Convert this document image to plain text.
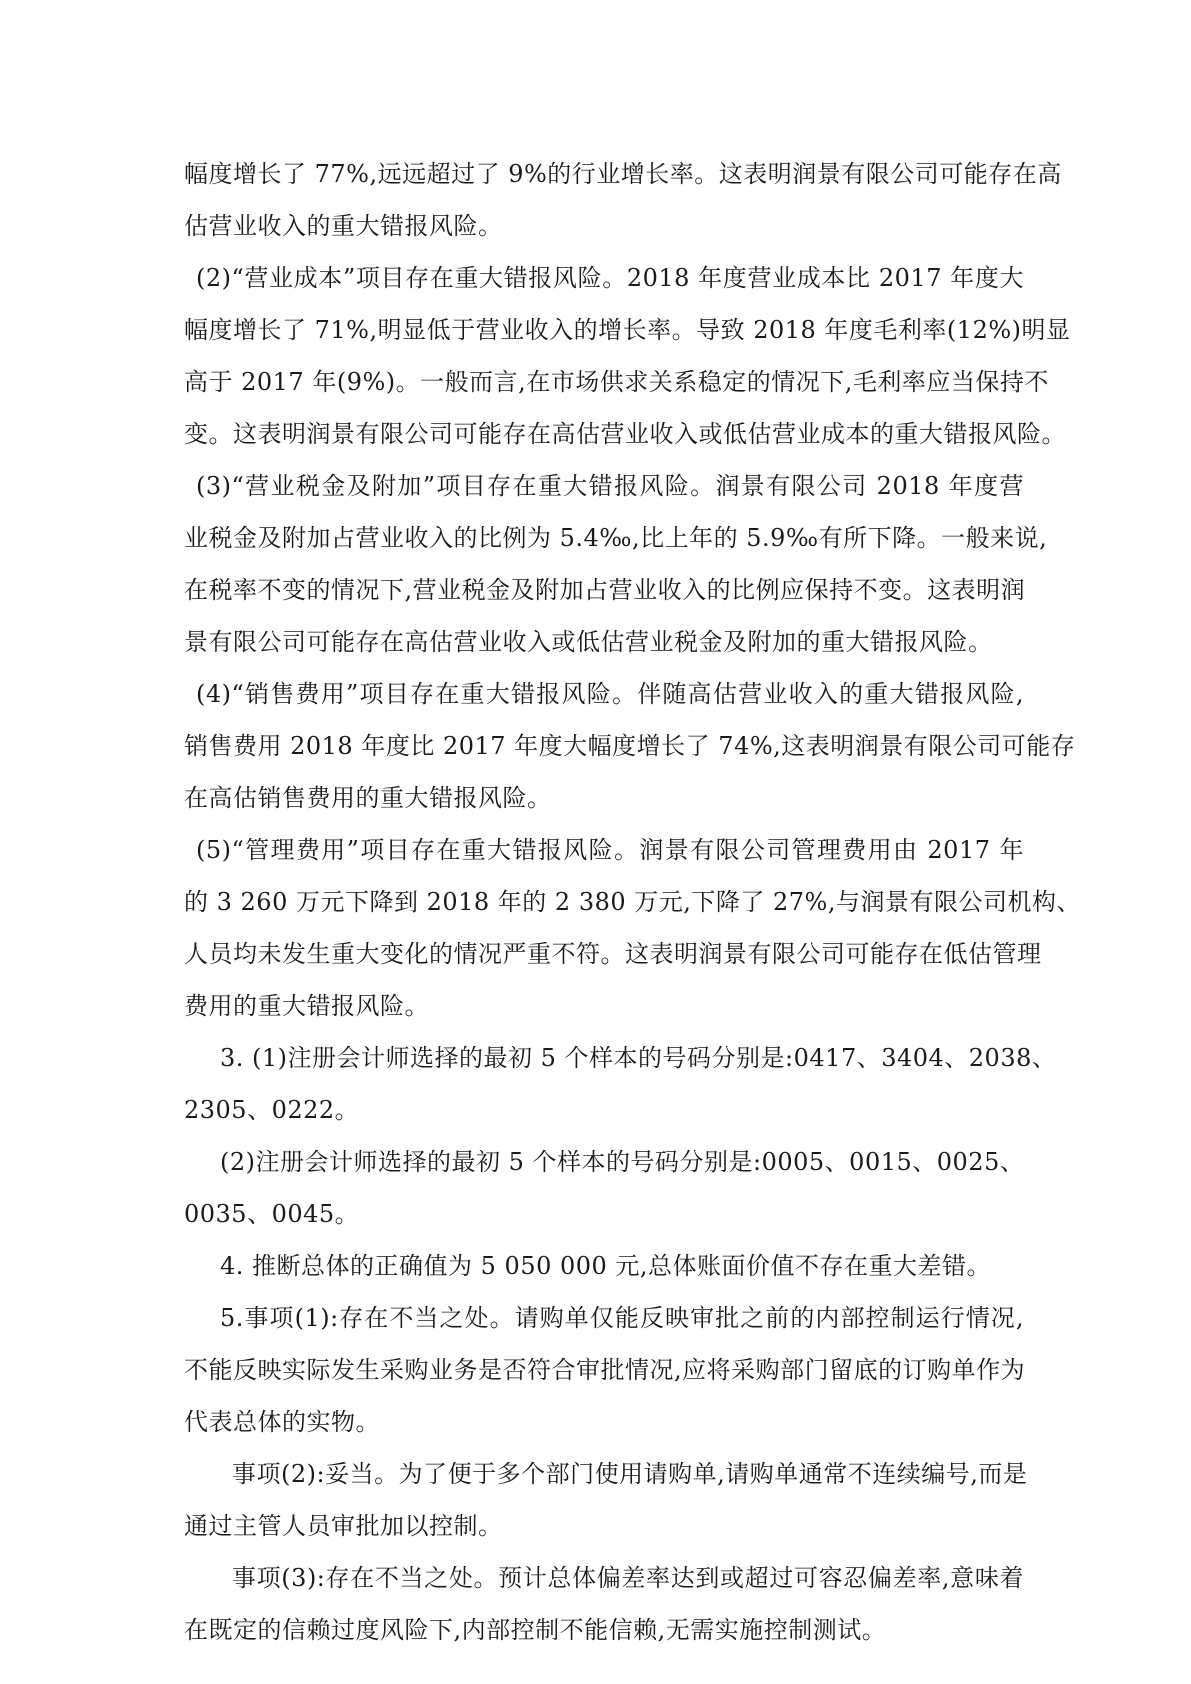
幅度增长了 77%,远远超过了 9%的行业增长率。这表明润景有限公司可能存在高
估营业收入的重大错报风险。
(2)“营业成本”项目存在重大错报风险。2018 年度营业成本比 2017 年度大
幅度增长了 71%,明显低于营业收入的增长率。导致 2018 年度毛利率(12%)明显
高于 2017 年(9%)。一般而言,在市场供求关系稳定的情况下,毛利率应当保持不
变。这表明润景有限公司可能存在高估营业收入或低估营业成本的重大错报风险。
(3)“营业税金及附加”项目存在重大错报风险。润景有限公司 2018 年度营
业税金及附加占营业收入的比例为 5.4‰,比上年的 5.9‰有所下降。一般来说,
在税率不变的情况下,营业税金及附加占营业收入的比例应保持不变。这表明润
景有限公司可能存在高估营业收入或低估营业税金及附加的重大错报风险。
(4)“销售费用”项目存在重大错报风险。伴随高估营业收入的重大错报风险,
销售费用 2018 年度比 2017 年度大幅度增长了 74%,这表明润景有限公司可能存
在高估销售费用的重大错报风险。
(5)“管理费用”项目存在重大错报风险。润景有限公司管理费用由 2017 年
的 3 260 万元下降到 2018 年的 2 380 万元,下降了 27%,与润景有限公司机构、
人员均未发生重大变化的情况严重不符。这表明润景有限公司可能存在低估管理
费用的重大错报风险。
3. (1)注册会计师选择的最初 5 个样本的号码分别是:0417、3404、2038、
2305、0222。
(2)注册会计师选择的最初 5 个样本的号码分别是:0005、0015、0025、
0035、0045。
4. 推断总体的正确值为 5 050 000 元,总体账面价值不存在重大差错。
5.事项(1):存在不当之处。请购单仅能反映审批之前的内部控制运行情况,
不能反映实际发生采购业务是否符合审批情况,应将采购部门留底的订购单作为
代表总体的实物。
事项(2):妥当。为了便于多个部门使用请购单,请购单通常不连续编号,而是
通过主管人员审批加以控制。
事项(3):存在不当之处。预计总体偏差率达到或超过可容忍偏差率,意味着
在既定的信赖过度风险下,内部控制不能信赖,无需实施控制测试。
